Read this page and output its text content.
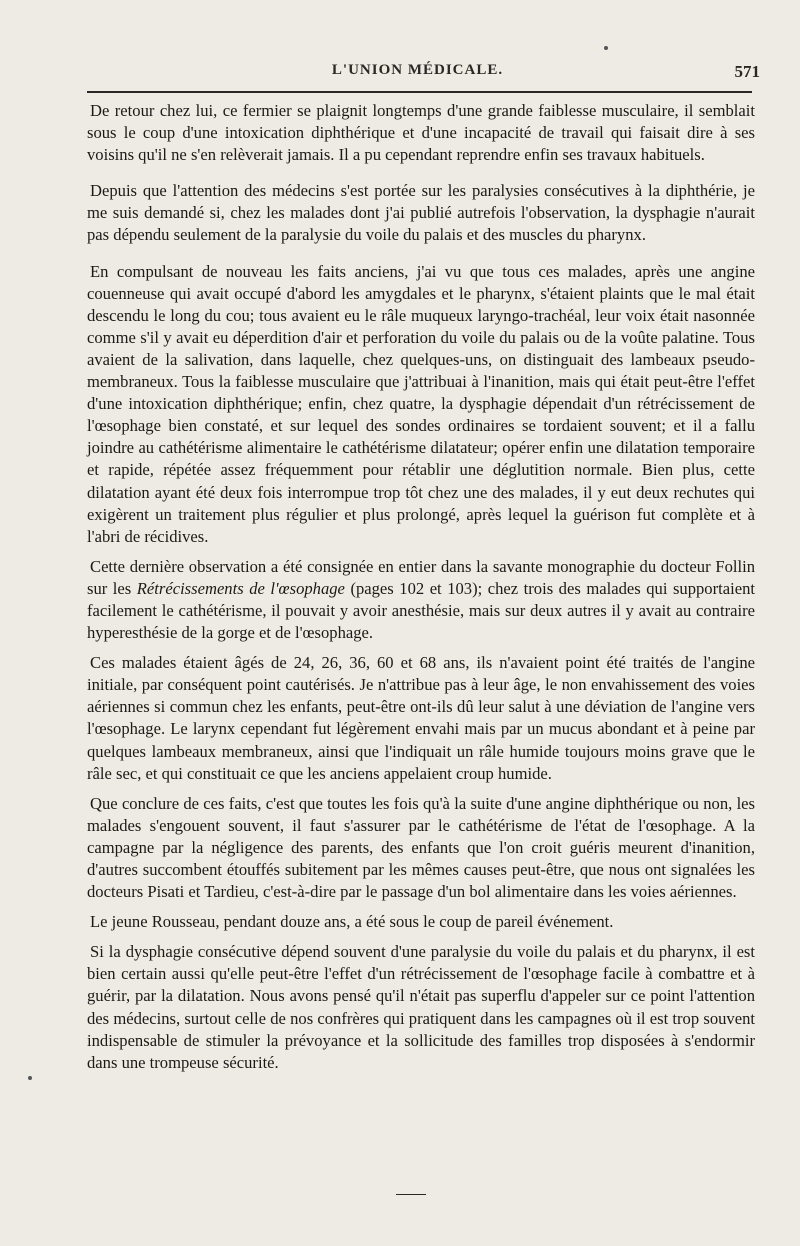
L'UNION MÉDICALE.	571

De retour chez lui, ce fermier se plaignit longtemps d'une grande faiblesse musculaire, il semblait sous le coup d'une intoxication diphthérique et d'une incapacité de travail qui faisait dire à ses voisins qu'il ne s'en relèverait jamais. Il a pu cependant reprendre enfin ses travaux habituels.

Depuis que l'attention des médecins s'est portée sur les paralysies consécutives à la diphthérie, je me suis demandé si, chez les malades dont j'ai publié autrefois l'observation, la dysphagie n'aurait pas dépendu seulement de la paralysie du voile du palais et des muscles du pharynx.

En compulsant de nouveau les faits anciens, j'ai vu que tous ces malades, après une angine couenneuse qui avait occupé d'abord les amygdales et le pharynx, s'étaient plaints que le mal était descendu le long du cou; tous avaient eu le râle muqueux laryngo-trachéal, leur voix était nasonnée comme s'il y avait eu déperdition d'air et perforation du voile du palais ou de la voûte palatine. Tous avaient de la salivation, dans laquelle, chez quelques-uns, on distinguait des lambeaux pseudo-membraneux. Tous la faiblesse musculaire que j'attribuai à l'inanition, mais qui était peut-être l'effet d'une intoxication diphthérique; enfin, chez quatre, la dysphagie dépendait d'un rétrécissement de l'œsophage bien constaté, et sur lequel des sondes ordinaires se tordaient souvent; et il a fallu joindre au cathétérisme alimentaire le cathétérisme dilatateur; opérer enfin une dilatation temporaire et rapide, répétée assez fréquemment pour rétablir une déglutition normale. Bien plus, cette dilatation ayant été deux fois interrompue trop tôt chez une des malades, il y eut deux rechutes qui exigèrent un traitement plus régulier et plus prolongé, après lequel la guérison fut complète et à l'abri de récidives.

Cette dernière observation a été consignée en entier dans la savante monographie du docteur Follin sur les Rétrécissements de l'œsophage (pages 102 et 103); chez trois des malades qui supportaient facilement le cathétérisme, il pouvait y avoir anesthésie, mais sur deux autres il y avait au contraire hyperesthésie de la gorge et de l'œsophage.

Ces malades étaient âgés de 24, 26, 36, 60 et 68 ans, ils n'avaient point été traités de l'angine initiale, par conséquent point cautérisés. Je n'attribue pas à leur âge, le non envahissement des voies aériennes si commun chez les enfants, peut-être ont-ils dû leur salut à une déviation de l'angine vers l'œsophage. Le larynx cependant fut légèrement envahi mais par un mucus abondant et à peine par quelques lambeaux membraneux, ainsi que l'indiquait un râle humide toujours moins grave que le râle sec, et qui constituait ce que les anciens appelaient croup humide.

Que conclure de ces faits, c'est que toutes les fois qu'à la suite d'une angine diphthérique ou non, les malades s'engouent souvent, il faut s'assurer par le cathétérisme de l'état de l'œsophage. A la campagne par la négligence des parents, des enfants que l'on croit guéris meurent d'inanition, d'autres succombent étouffés subitement par les mêmes causes peut-être, que nous ont signalées les docteurs Pisati et Tardieu, c'est-à-dire par le passage d'un bol alimentaire dans les voies aériennes.

Le jeune Rousseau, pendant douze ans, a été sous le coup de pareil événement.

Si la dysphagie consécutive dépend souvent d'une paralysie du voile du palais et du pharynx, il est bien certain aussi qu'elle peut-être l'effet d'un rétrécissement de l'œsophage facile à combattre et à guérir, par la dilatation. Nous avons pensé qu'il n'était pas superflu d'appeler sur ce point l'attention des médecins, surtout celle de nos confrères qui pratiquent dans les campagnes où il est trop souvent indispensable de stimuler la prévoyance et la sollicitude des familles trop disposées à s'endormir dans une trompeuse sécurité.
